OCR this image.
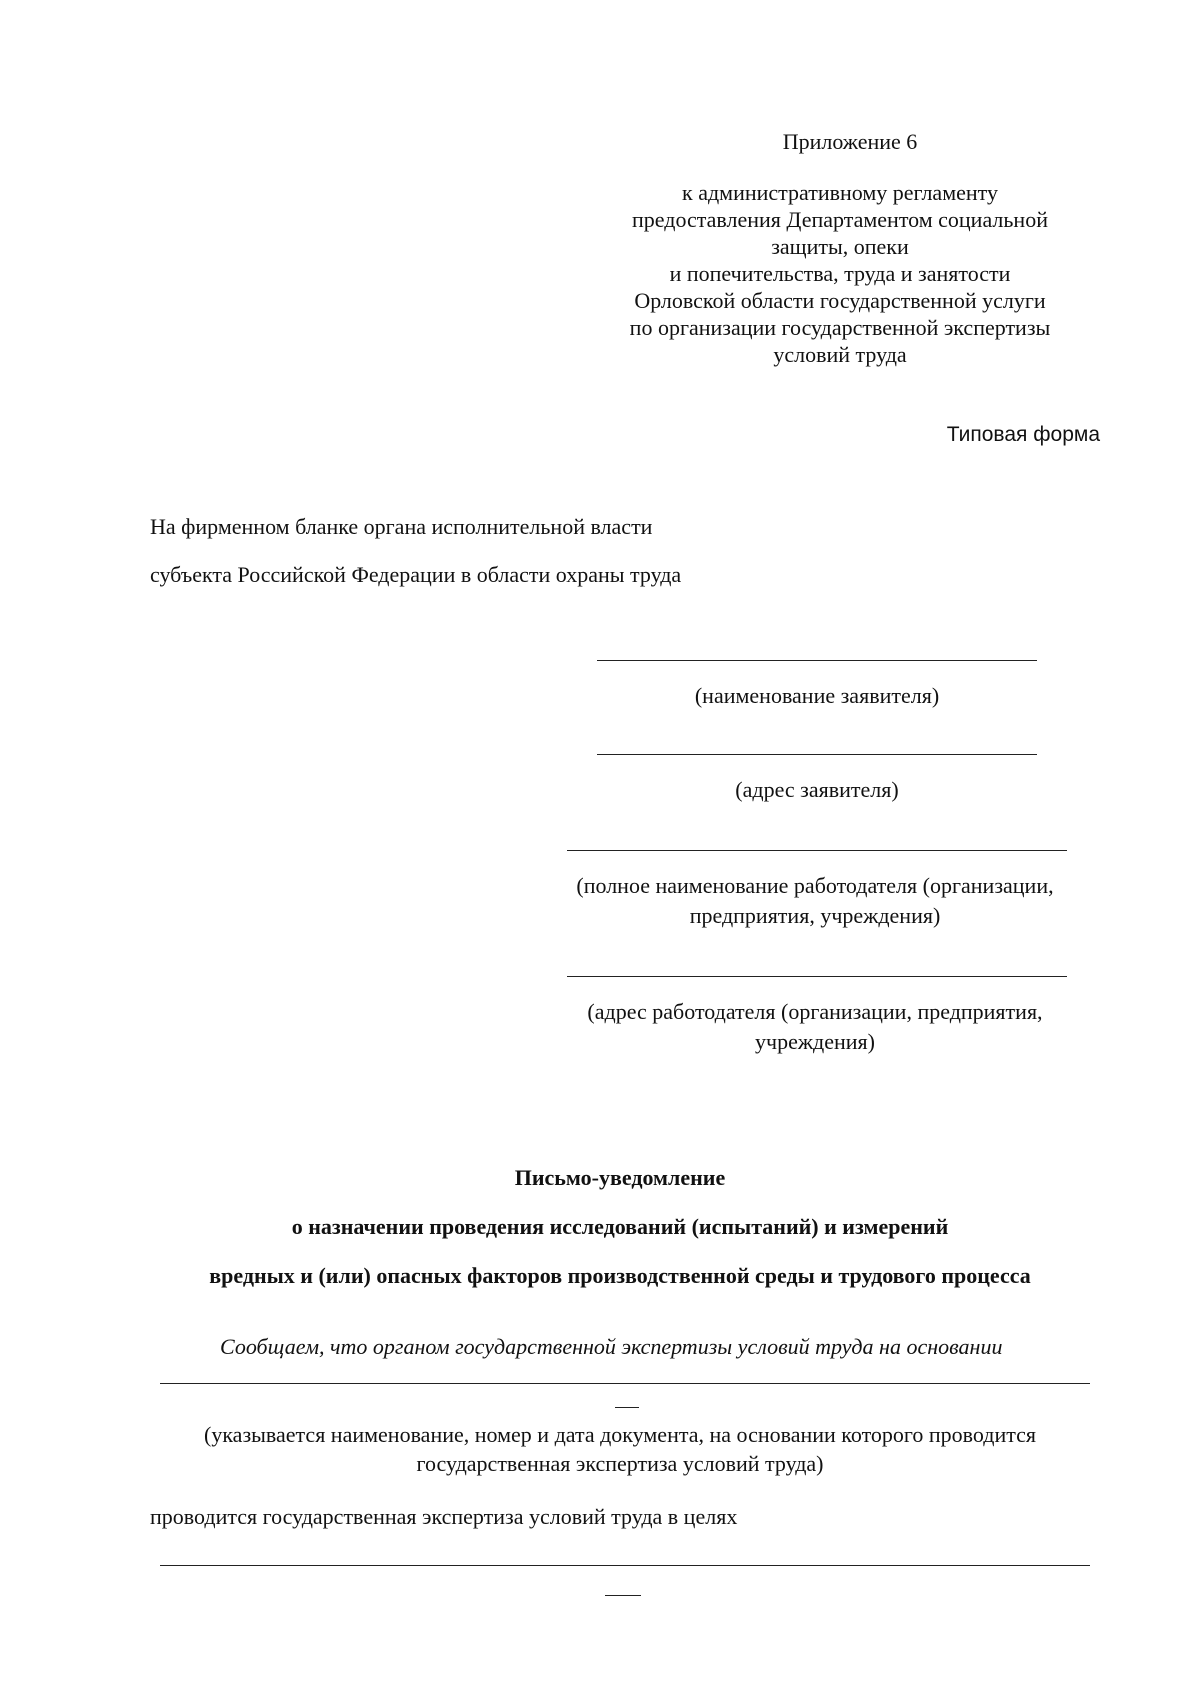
Приложение 6
к административному регламенту
предоставления Департаментом социальной
защиты, опеки
и попечительства, труда и занятости
Орловской области государственной услуги
по организации государственной экспертизы
условий труда
Типовая форма
На фирменном бланке органа исполнительной власти
субъекта Российской Федерации в области охраны труда
(наименование заявителя)
(адрес заявителя)
(полное наименование работодателя (организации,
предприятия, учреждения)
(адрес работодателя (организации, предприятия,
учреждения)
Письмо-уведомление
о назначении проведения исследований (испытаний) и измерений
вредных и (или) опасных факторов производственной среды и трудового процесса
Сообщаем, что органом государственной экспертизы условий труда на основании
(указывается наименование, номер и дата документа, на основании которого проводится
государственная экспертиза условий труда)
проводится государственная экспертиза условий труда в целях
